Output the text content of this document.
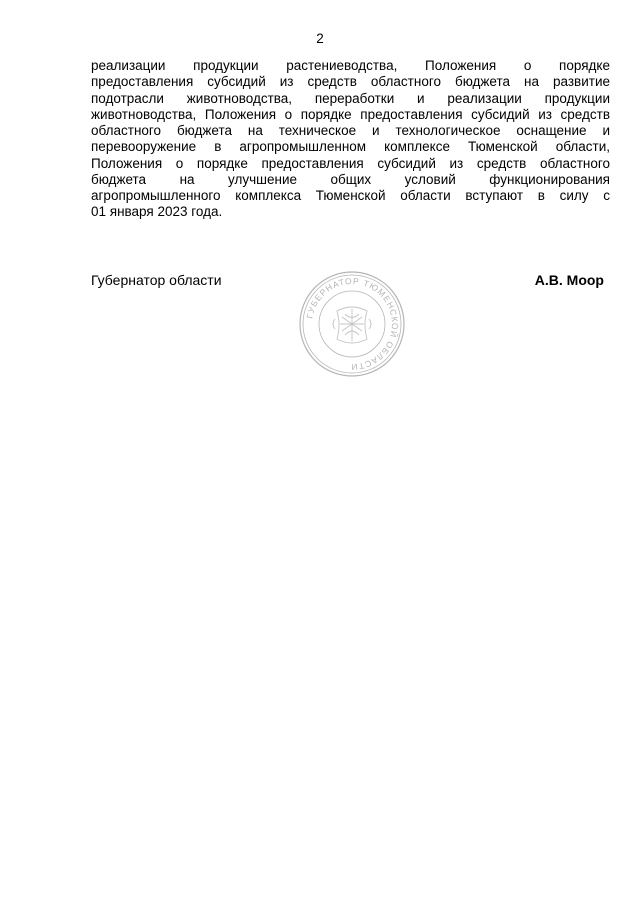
2

реализации продукции растениеводства, Положения о порядке
предоставления субсидий из средств областного бюджета на развитие
подотрасли животноводства, переработки и реализации продукции
животноводства, Положения о порядке предоставления субсидий из средств
областного бюджета на техническое и технологическое оснащение и
перевооружение в агропромышленном комплексе Тюменской области,
Положения о порядке предоставления субсидий из средств областного
бюджета на улучшение общих условий функционирования
агропромышленного комплекса Тюменской области вступают в силу с
01 января 2023 года.

Губернатор области	А.В. Моор
ГУБЕРНАТОР ТЮМЕНСКОЙ ОБЛАСТИ
